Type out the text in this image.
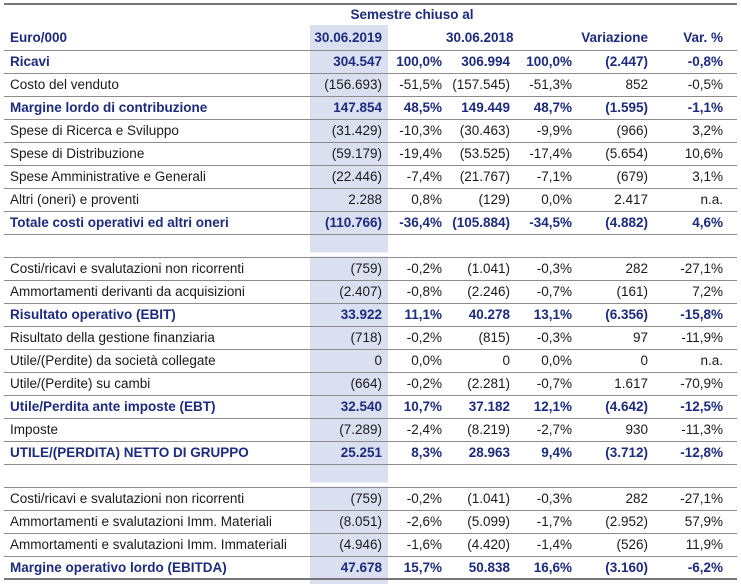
	Semestre chiuso al					
Euro/000	30.06.2019		30.06.2018		Variazione	Var. %
Ricavi	304.547	100,0%	306.994	100,0%	(2.447)	-0,8%
Costo del venduto	(156.693)	-51,5%	(157.545)	-51,3%	852	-0,5%
Margine lordo di contribuzione	147.854	48,5%	149.449	48,7%	(1.595)	-1,1%
Spese di Ricerca e Sviluppo	(31.429)	-10,3%	(30.463)	-9,9%	(966)	3,2%
Spese di Distribuzione	(59.179)	-19,4%	(53.525)	-17,4%	(5.654)	10,6%
Spese Amministrative e Generali	(22.446)	-7,4%	(21.767)	-7,1%	(679)	3,1%
Altri (oneri) e proventi	2.288	0,8%	(129)	0,0%	2.417	n.a.
Totale costi operativi ed altri oneri	(110.766)	-36,4%	(105.884)	-34,5%	(4.882)	4,6%

Costi/ricavi e svalutazioni non ricorrenti	(759)	-0,2%	(1.041)	-0,3%	282	-27,1%
Ammortamenti derivanti da acquisizioni	(2.407)	-0,8%	(2.246)	-0,7%	(161)	7,2%
Risultato operativo (EBIT)	33.922	11,1%	40.278	13,1%	(6.356)	-15,8%
Risultato della gestione finanziaria	(718)	-0,2%	(815)	-0,3%	97	-11,9%
Utile/(Perdite) da società collegate	0	0,0%	0	0,0%	0	n.a.
Utile/(Perdite) su cambi	(664)	-0,2%	(2.281)	-0,7%	1.617	-70,9%
Utile/Perdita ante imposte (EBT)	32.540	10,7%	37.182	12,1%	(4.642)	-12,5%
Imposte	(7.289)	-2,4%	(8.219)	-2,7%	930	-11,3%
UTILE/(PERDITA) NETTO DI GRUPPO	25.251	8,3%	28.963	9,4%	(3.712)	-12,8%

Costi/ricavi e svalutazioni non ricorrenti	(759)	-0,2%	(1.041)	-0,3%	282	-27,1%
Ammortamenti e svalutazioni Imm. Materiali	(8.051)	-2,6%	(5.099)	-1,7%	(2.952)	57,9%
Ammortamenti e svalutazioni Imm. Immateriali	(4.946)	-1,6%	(4.420)	-1,4%	(526)	11,9%
Margine operativo lordo (EBITDA)	47.678	15,7%	50.838	16,6%	(3.160)	-6,2%
